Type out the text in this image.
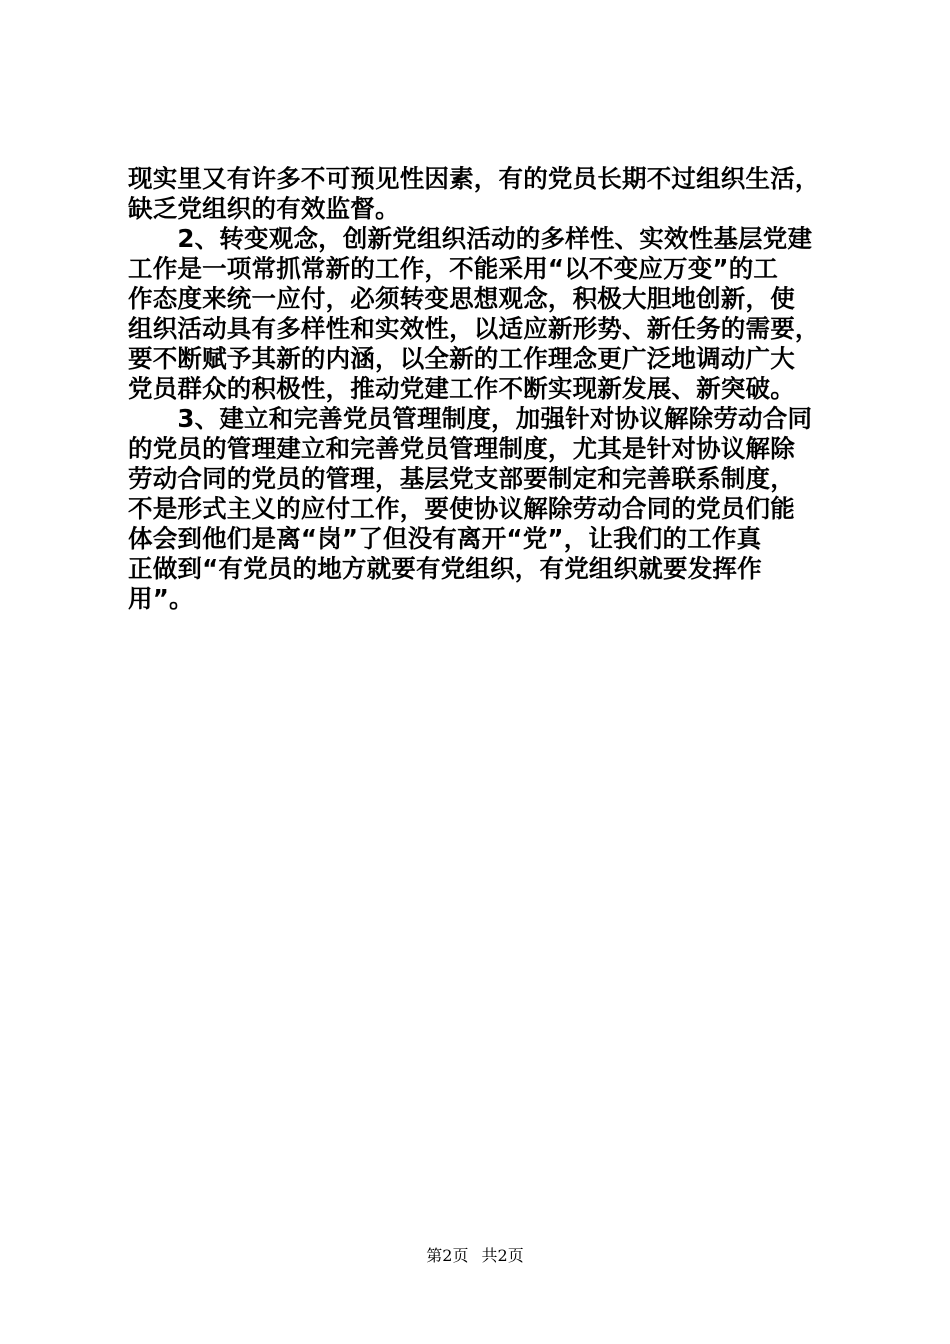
现实里又有许多不可预见性因素，有的党员长期不过组织生活，
缺乏党组织的有效监督。
　　2、转变观念，创新党组织活动的多样性、实效性基层党建
工作是一项常抓常新的工作，不能采用“以不变应万变”的工
作态度来统一应付，必须转变思想观念，积极大胆地创新，使
组织活动具有多样性和实效性，以适应新形势、新任务的需要，
要不断赋予其新的内涵，以全新的工作理念更广泛地调动广大
党员群众的积极性，推动党建工作不断实现新发展、新突破。
　　3、建立和完善党员管理制度，加强针对协议解除劳动合同
的党员的管理建立和完善党员管理制度，尤其是针对协议解除
劳动合同的党员的管理，基层党支部要制定和完善联系制度，
不是形式主义的应付工作，要使协议解除劳动合同的党员们能
体会到他们是离“岗”了但没有离开“党”，让我们的工作真
正做到“有党员的地方就要有党组织，有党组织就要发挥作
用”。
第2页 共2页
